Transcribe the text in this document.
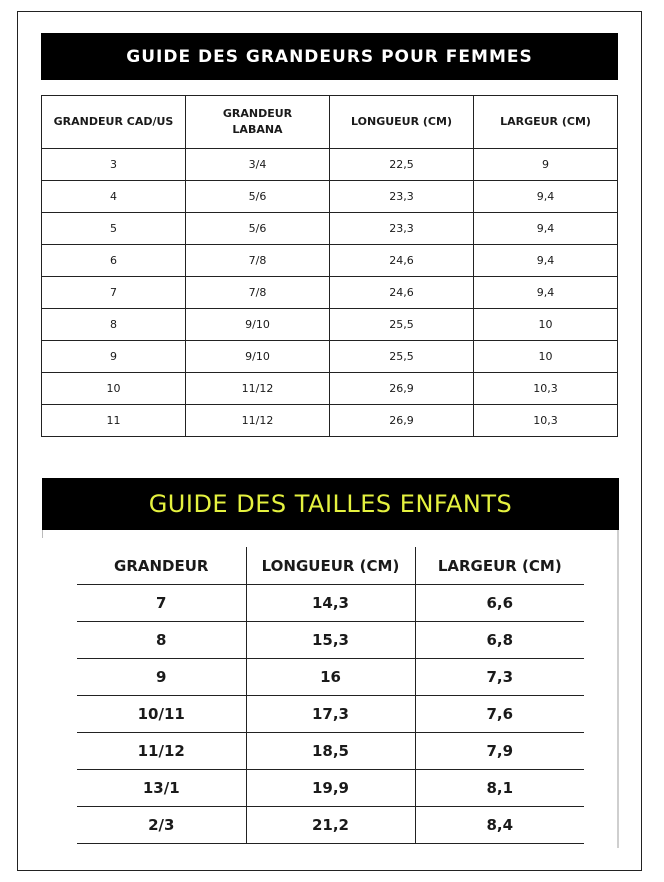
GUIDE DES GRANDEURS POUR FEMMES
GRANDEUR CAD/US	GRANDEUR LABANA	LONGUEUR (CM)	LARGEUR (CM)
3	3/4	22,5	9
4	5/6	23,3	9,4
5	5/6	23,3	9,4
6	7/8	24,6	9,4
7	7/8	24,6	9,4
8	9/10	25,5	10
9	9/10	25,5	10
10	11/12	26,9	10,3
11	11/12	26,9	10,3
GUIDE DES TAILLES ENFANTS
GRANDEUR	LONGUEUR (CM)	LARGEUR (CM)
7	14,3	6,6
8	15,3	6,8
9	16	7,3
10/11	17,3	7,6
11/12	18,5	7,9
13/1	19,9	8,1
2/3	21,2	8,4
